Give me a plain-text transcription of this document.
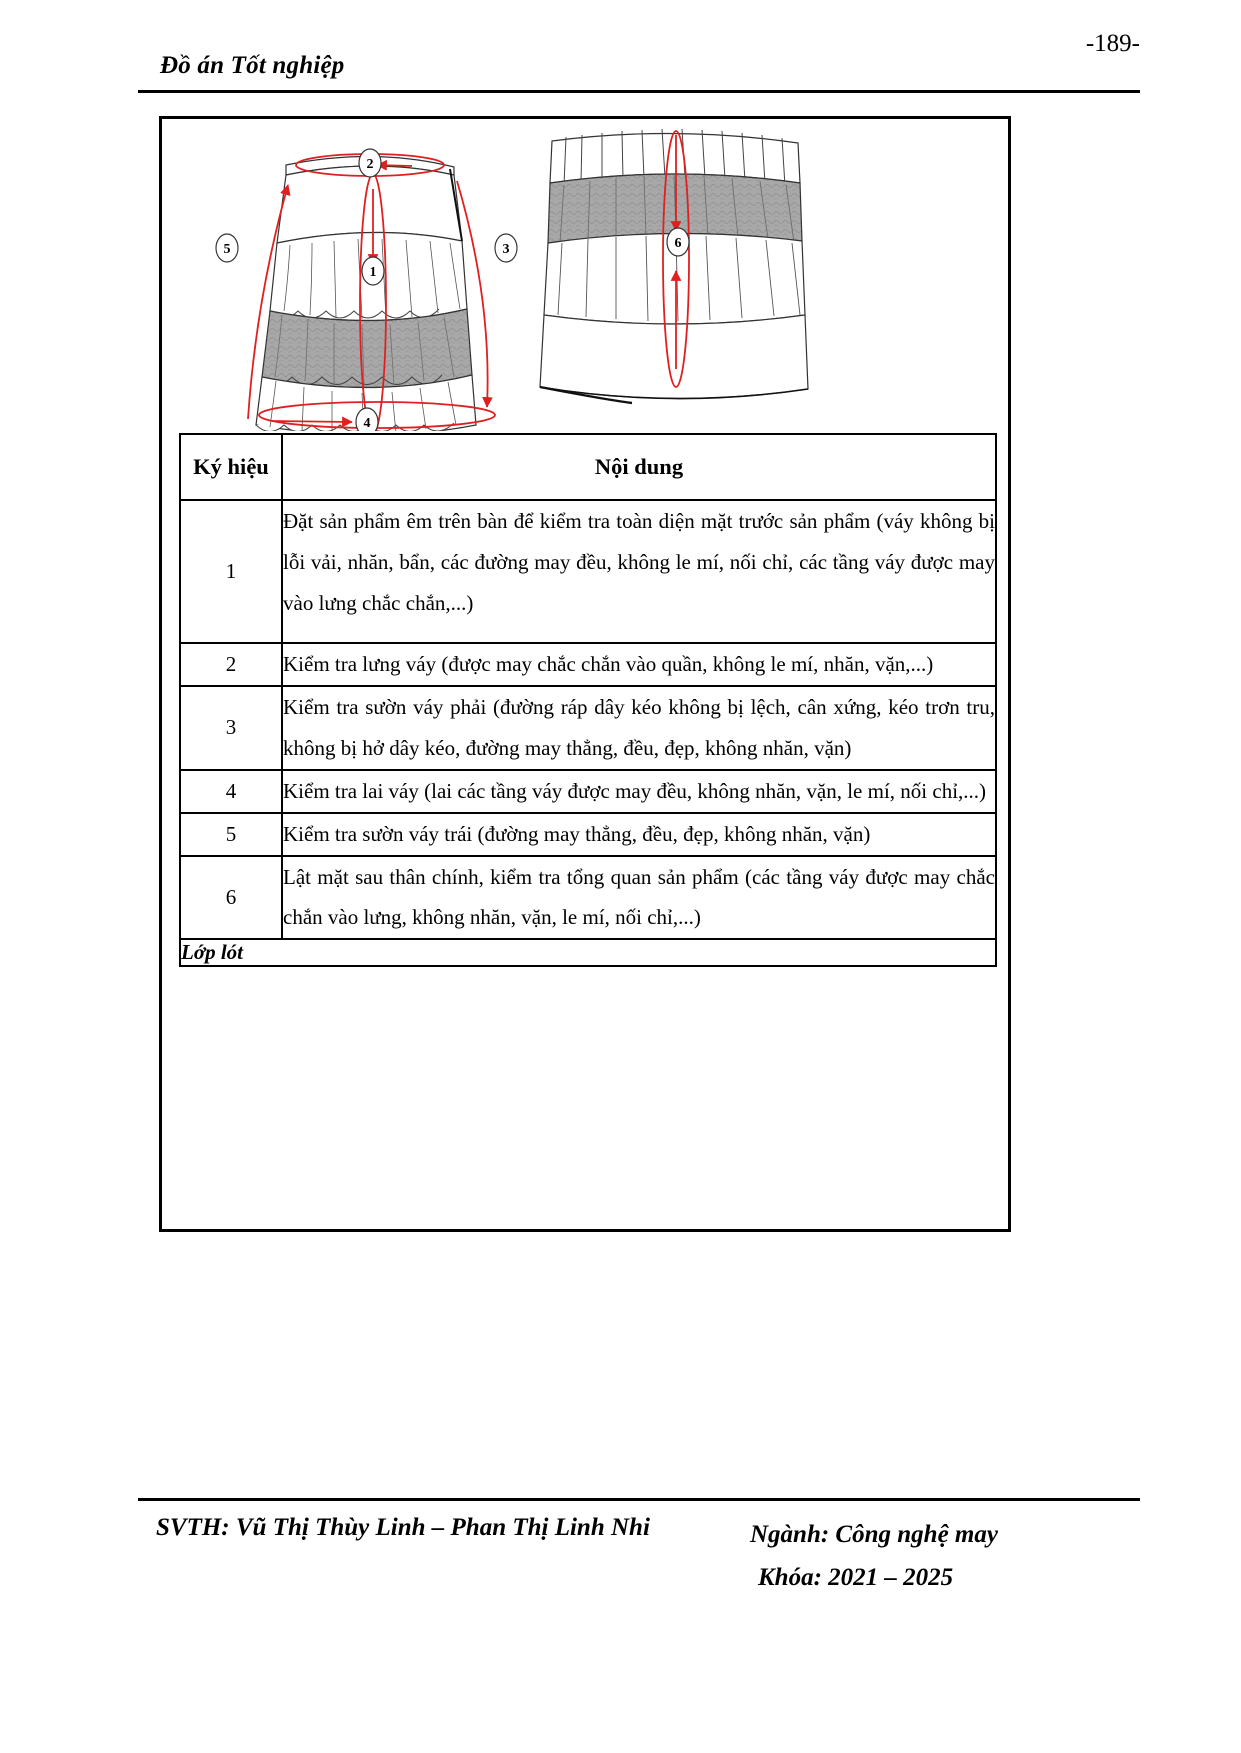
Đồ án Tốt nghiệp
-189-
1
2
3
4
5	6
Ký hiệu	Nội dung
1	Đặt sản phẩm êm trên bàn để kiểm tra toàn diện mặt trước sản phẩm (váy không bị lỗi vải, nhăn, bẩn, các đường may đều, không le mí, nối chỉ, các tầng váy được may vào lưng chắc chắn,...)
2	Kiểm tra lưng váy (được may chắc chắn vào quần, không le mí, nhăn, vặn,...)
3	Kiểm tra sườn váy phải (đường ráp dây kéo không bị lệch, cân xứng, kéo trơn tru, không bị hở dây kéo, đường may thẳng, đều, đẹp, không nhăn, vặn)
4	Kiểm tra lai váy (lai các tầng váy được may đều, không nhăn, vặn, le mí, nối chỉ,...)
5	Kiểm tra sườn váy trái (đường may thẳng, đều, đẹp, không nhăn, vặn)
6	Lật mặt sau thân chính, kiểm tra tổng quan sản phẩm (các tầng váy được may chắc chắn vào lưng, không nhăn, vặn, le mí, nối chỉ,...)
Lớp lót	
SVTH: Vũ Thị Thùy Linh – Phan Thị Linh Nhi	Ngành: Công nghệ may
Khóa: 2021 – 2025
